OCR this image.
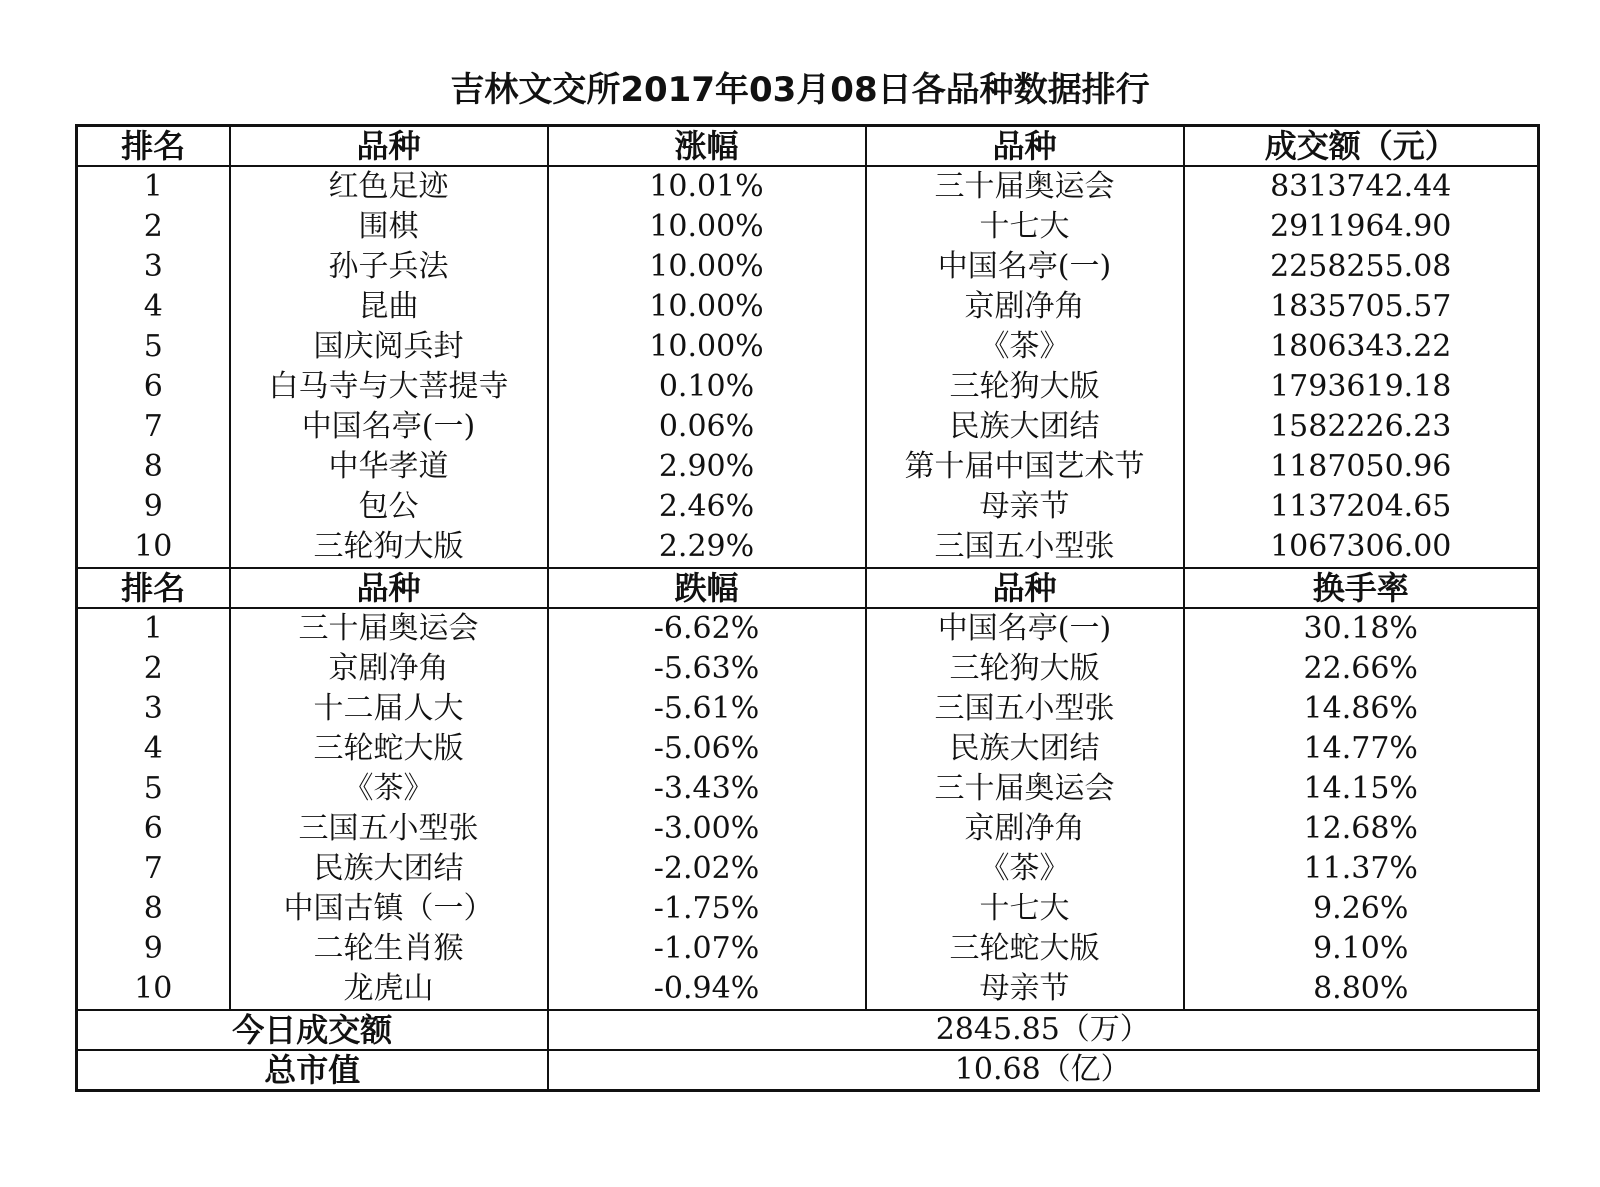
吉林文交所2017年03月08日各品种数据排行
排名	品种	涨幅	品种	成交额（元）
1	红色足迹	10.01%	三十届奥运会	8313742.44
2	围棋	10.00%	十七大	2911964.90
3	孙子兵法	10.00%	中国名亭(一)	2258255.08
4	昆曲	10.00%	京剧净角	1835705.57
5	国庆阅兵封	10.00%	《茶》	1806343.22
6	白马寺与大菩提寺	0.10%	三轮狗大版	1793619.18
7	中国名亭(一)	0.06%	民族大团结	1582226.23
8	中华孝道	2.90%	第十届中国艺术节	1187050.96
9	包公	2.46%	母亲节	1137204.65
10	三轮狗大版	2.29%	三国五小型张	1067306.00
排名	品种	跌幅	品种	换手率
1	三十届奥运会	-6.62%	中国名亭(一)	30.18%
2	京剧净角	-5.63%	三轮狗大版	22.66%
3	十二届人大	-5.61%	三国五小型张	14.86%
4	三轮蛇大版	-5.06%	民族大团结	14.77%
5	《茶》	-3.43%	三十届奥运会	14.15%
6	三国五小型张	-3.00%	京剧净角	12.68%
7	民族大团结	-2.02%	《茶》	11.37%
8	中国古镇（一）	-1.75%	十七大	9.26%
9	二轮生肖猴	-1.07%	三轮蛇大版	9.10%
10	龙虎山	-0.94%	母亲节	8.80%
今日成交额		2845.85（万）		
总市值		10.68（亿）		
